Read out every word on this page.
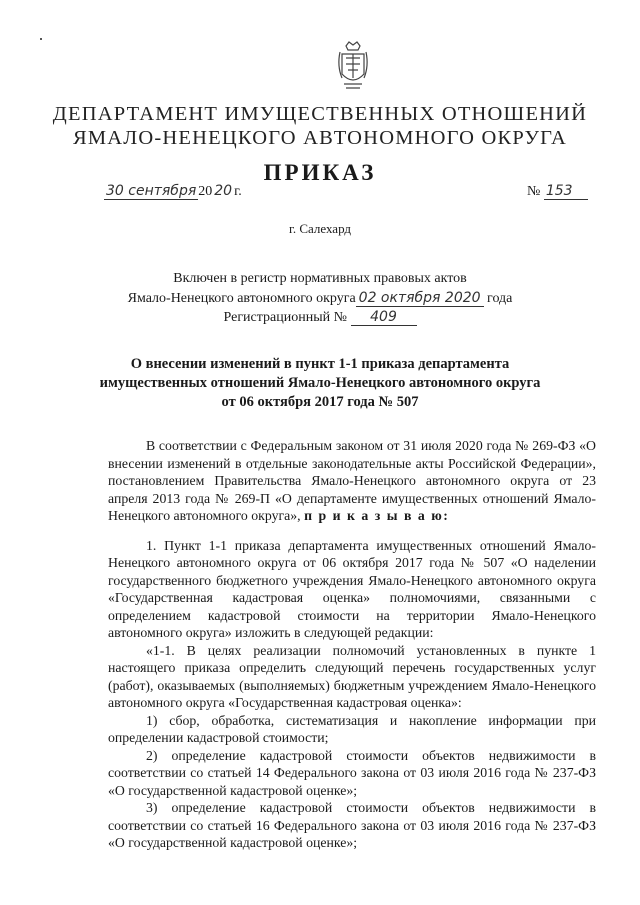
ДЕПАРТАМЕНТ ИМУЩЕСТВЕННЫХ ОТНОШЕНИЙ
ЯМАЛО-НЕНЕЦКОГО АВТОНОМНОГО ОКРУГА
ПРИКАЗ
30 сентября 20 20 г.	№ 153
г. Салехард
Включен в регистр нормативных правовых актов
Ямало-Ненецкого автономного округа 02 октября 2020 года
Регистрационный № 409
О внесении изменений в пункт 1-1 приказа департамента
имущественных отношений Ямало-Ненецкого автономного округа
от 06 октября 2017 года № 507

В соответствии с Федеральным законом от 31 июля 2020 года № 269-ФЗ «О внесении изменений в отдельные законодательные акты Российской Федерации», постановлением Правительства Ямало-Ненецкого автономного округа от 23 апреля 2013 года № 269-П «О департаменте имущественных отношений Ямало-Ненецкого автономного округа», п р и к а з ы в а ю:

1. Пункт 1-1 приказа департамента имущественных отношений Ямало-Ненецкого автономного округа от 06 октября 2017 года № 507 «О наделении государственного бюджетного учреждения Ямало-Ненецкого автономного округа «Государственная кадастровая оценка» полномочиями, связанными с определением кадастровой стоимости на территории Ямало-Ненецкого автономного округа» изложить в следующей редакции:

«1-1. В целях реализации полномочий установленных в пункте 1 настоящего приказа определить следующий перечень государственных услуг (работ), оказываемых (выполняемых) бюджетным учреждением Ямало-Ненецкого автономного округа «Государственная кадастровая оценка»:

1) сбор, обработка, систематизация и накопление информации при определении кадастровой стоимости;

2) определение кадастровой стоимости объектов недвижимости в соответствии со статьей 14 Федерального закона от 03 июля 2016 года № 237-ФЗ «О государственной кадастровой оценке»;

3) определение кадастровой стоимости объектов недвижимости в соответствии со статьей 16 Федерального закона от 03 июля 2016 года № 237-ФЗ «О государственной кадастровой оценке»;
